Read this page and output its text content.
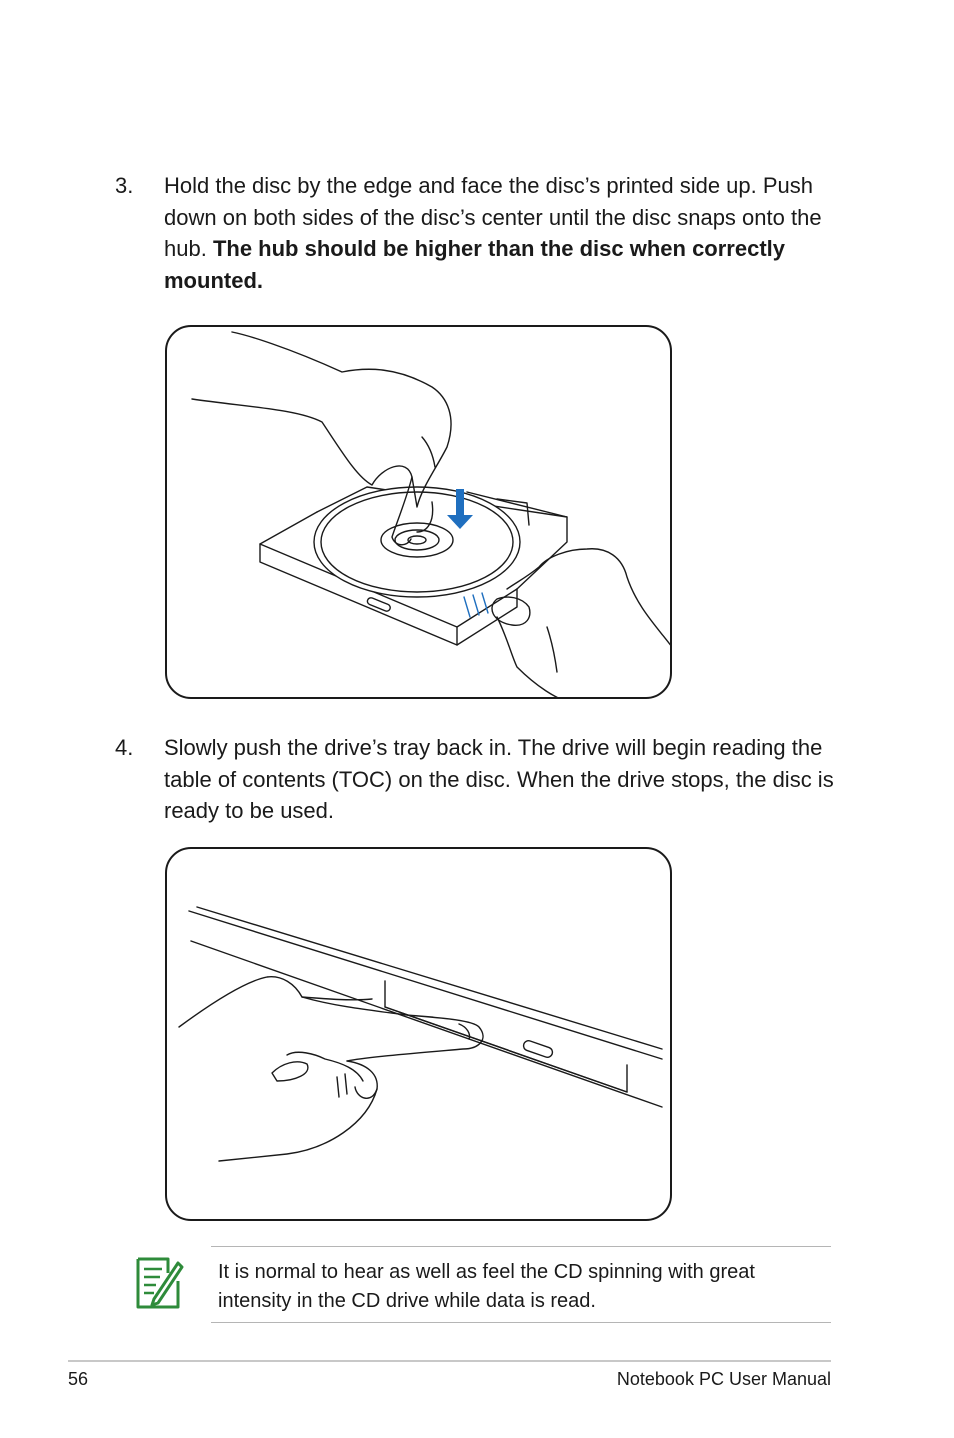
3. Hold the disc by the edge and face the disc’s printed side up. Push down on both sides of the disc’s center until the disc snaps onto the hub. The hub should be higher than the disc when correctly mounted.
4. Slowly push the drive’s tray back in. The drive will begin reading the table of contents (TOC) on the disc. When the drive stops, the disc is ready to be used.
It is normal to hear as well as feel the CD spinning with great intensity in the CD drive while data is read.
56	Notebook PC User Manual
